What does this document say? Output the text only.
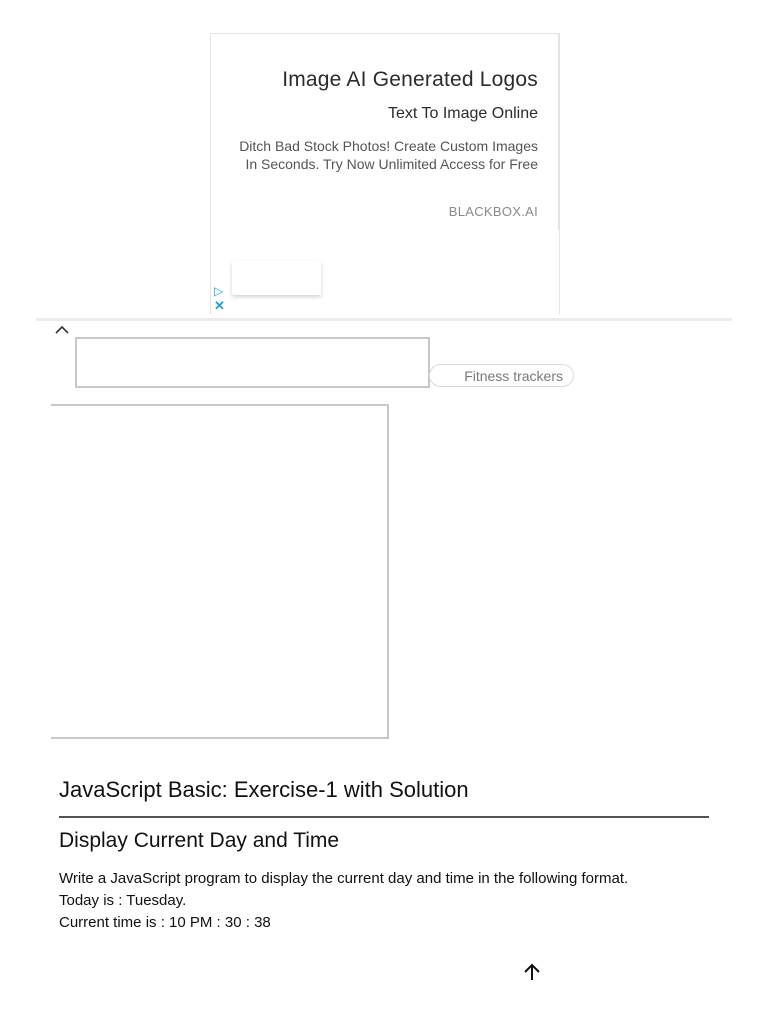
Image AI Generated Logos
Text To Image Online
Ditch Bad Stock Photos! Create Custom Images In Seconds. Try Now Unlimited Access for Free
BLACKBOX.AI
▷
✕
Fitness trackers
JavaScript Basic: Exercise-1 with Solution
Display Current Day and Time
Write a JavaScript program to display the current day and time in the following format.
Today is : Tuesday.
Current time is : 10 PM : 30 : 38
